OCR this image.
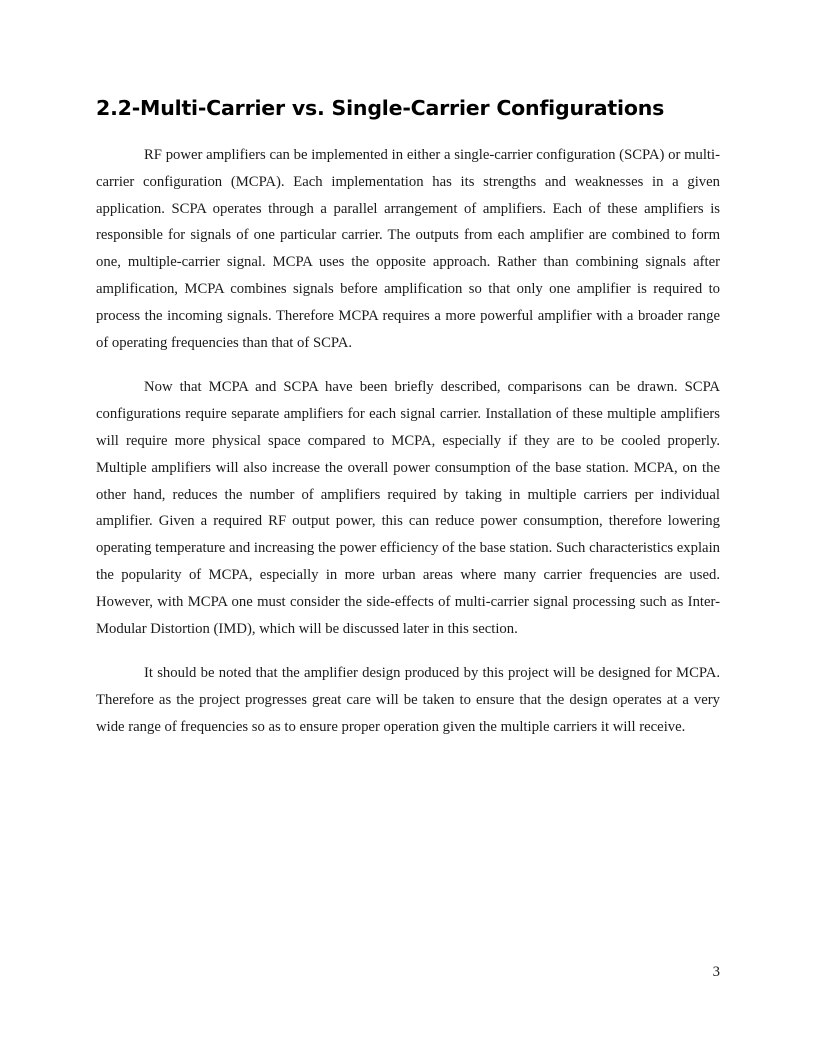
2.2-Multi-Carrier vs. Single-Carrier Configurations

RF power amplifiers can be implemented in either a single-carrier configuration (SCPA) or multi-carrier configuration (MCPA). Each implementation has its strengths and weaknesses in a given application. SCPA operates through a parallel arrangement of amplifiers. Each of these amplifiers is responsible for signals of one particular carrier. The outputs from each amplifier are combined to form one, multiple-carrier signal. MCPA uses the opposite approach. Rather than combining signals after amplification, MCPA combines signals before amplification so that only one amplifier is required to process the incoming signals. Therefore MCPA requires a more powerful amplifier with a broader range of operating frequencies than that of SCPA.

Now that MCPA and SCPA have been briefly described, comparisons can be drawn. SCPA configurations require separate amplifiers for each signal carrier. Installation of these multiple amplifiers will require more physical space compared to MCPA, especially if they are to be cooled properly. Multiple amplifiers will also increase the overall power consumption of the base station. MCPA, on the other hand, reduces the number of amplifiers required by taking in multiple carriers per individual amplifier. Given a required RF output power, this can reduce power consumption, therefore lowering operating temperature and increasing the power efficiency of the base station. Such characteristics explain the popularity of MCPA, especially in more urban areas where many carrier frequencies are used. However, with MCPA one must consider the side-effects of multi-carrier signal processing such as Inter-Modular Distortion (IMD), which will be discussed later in this section.

It should be noted that the amplifier design produced by this project will be designed for MCPA. Therefore as the project progresses great care will be taken to ensure that the design operates at a very wide range of frequencies so as to ensure proper operation given the multiple carriers it will receive.

3
